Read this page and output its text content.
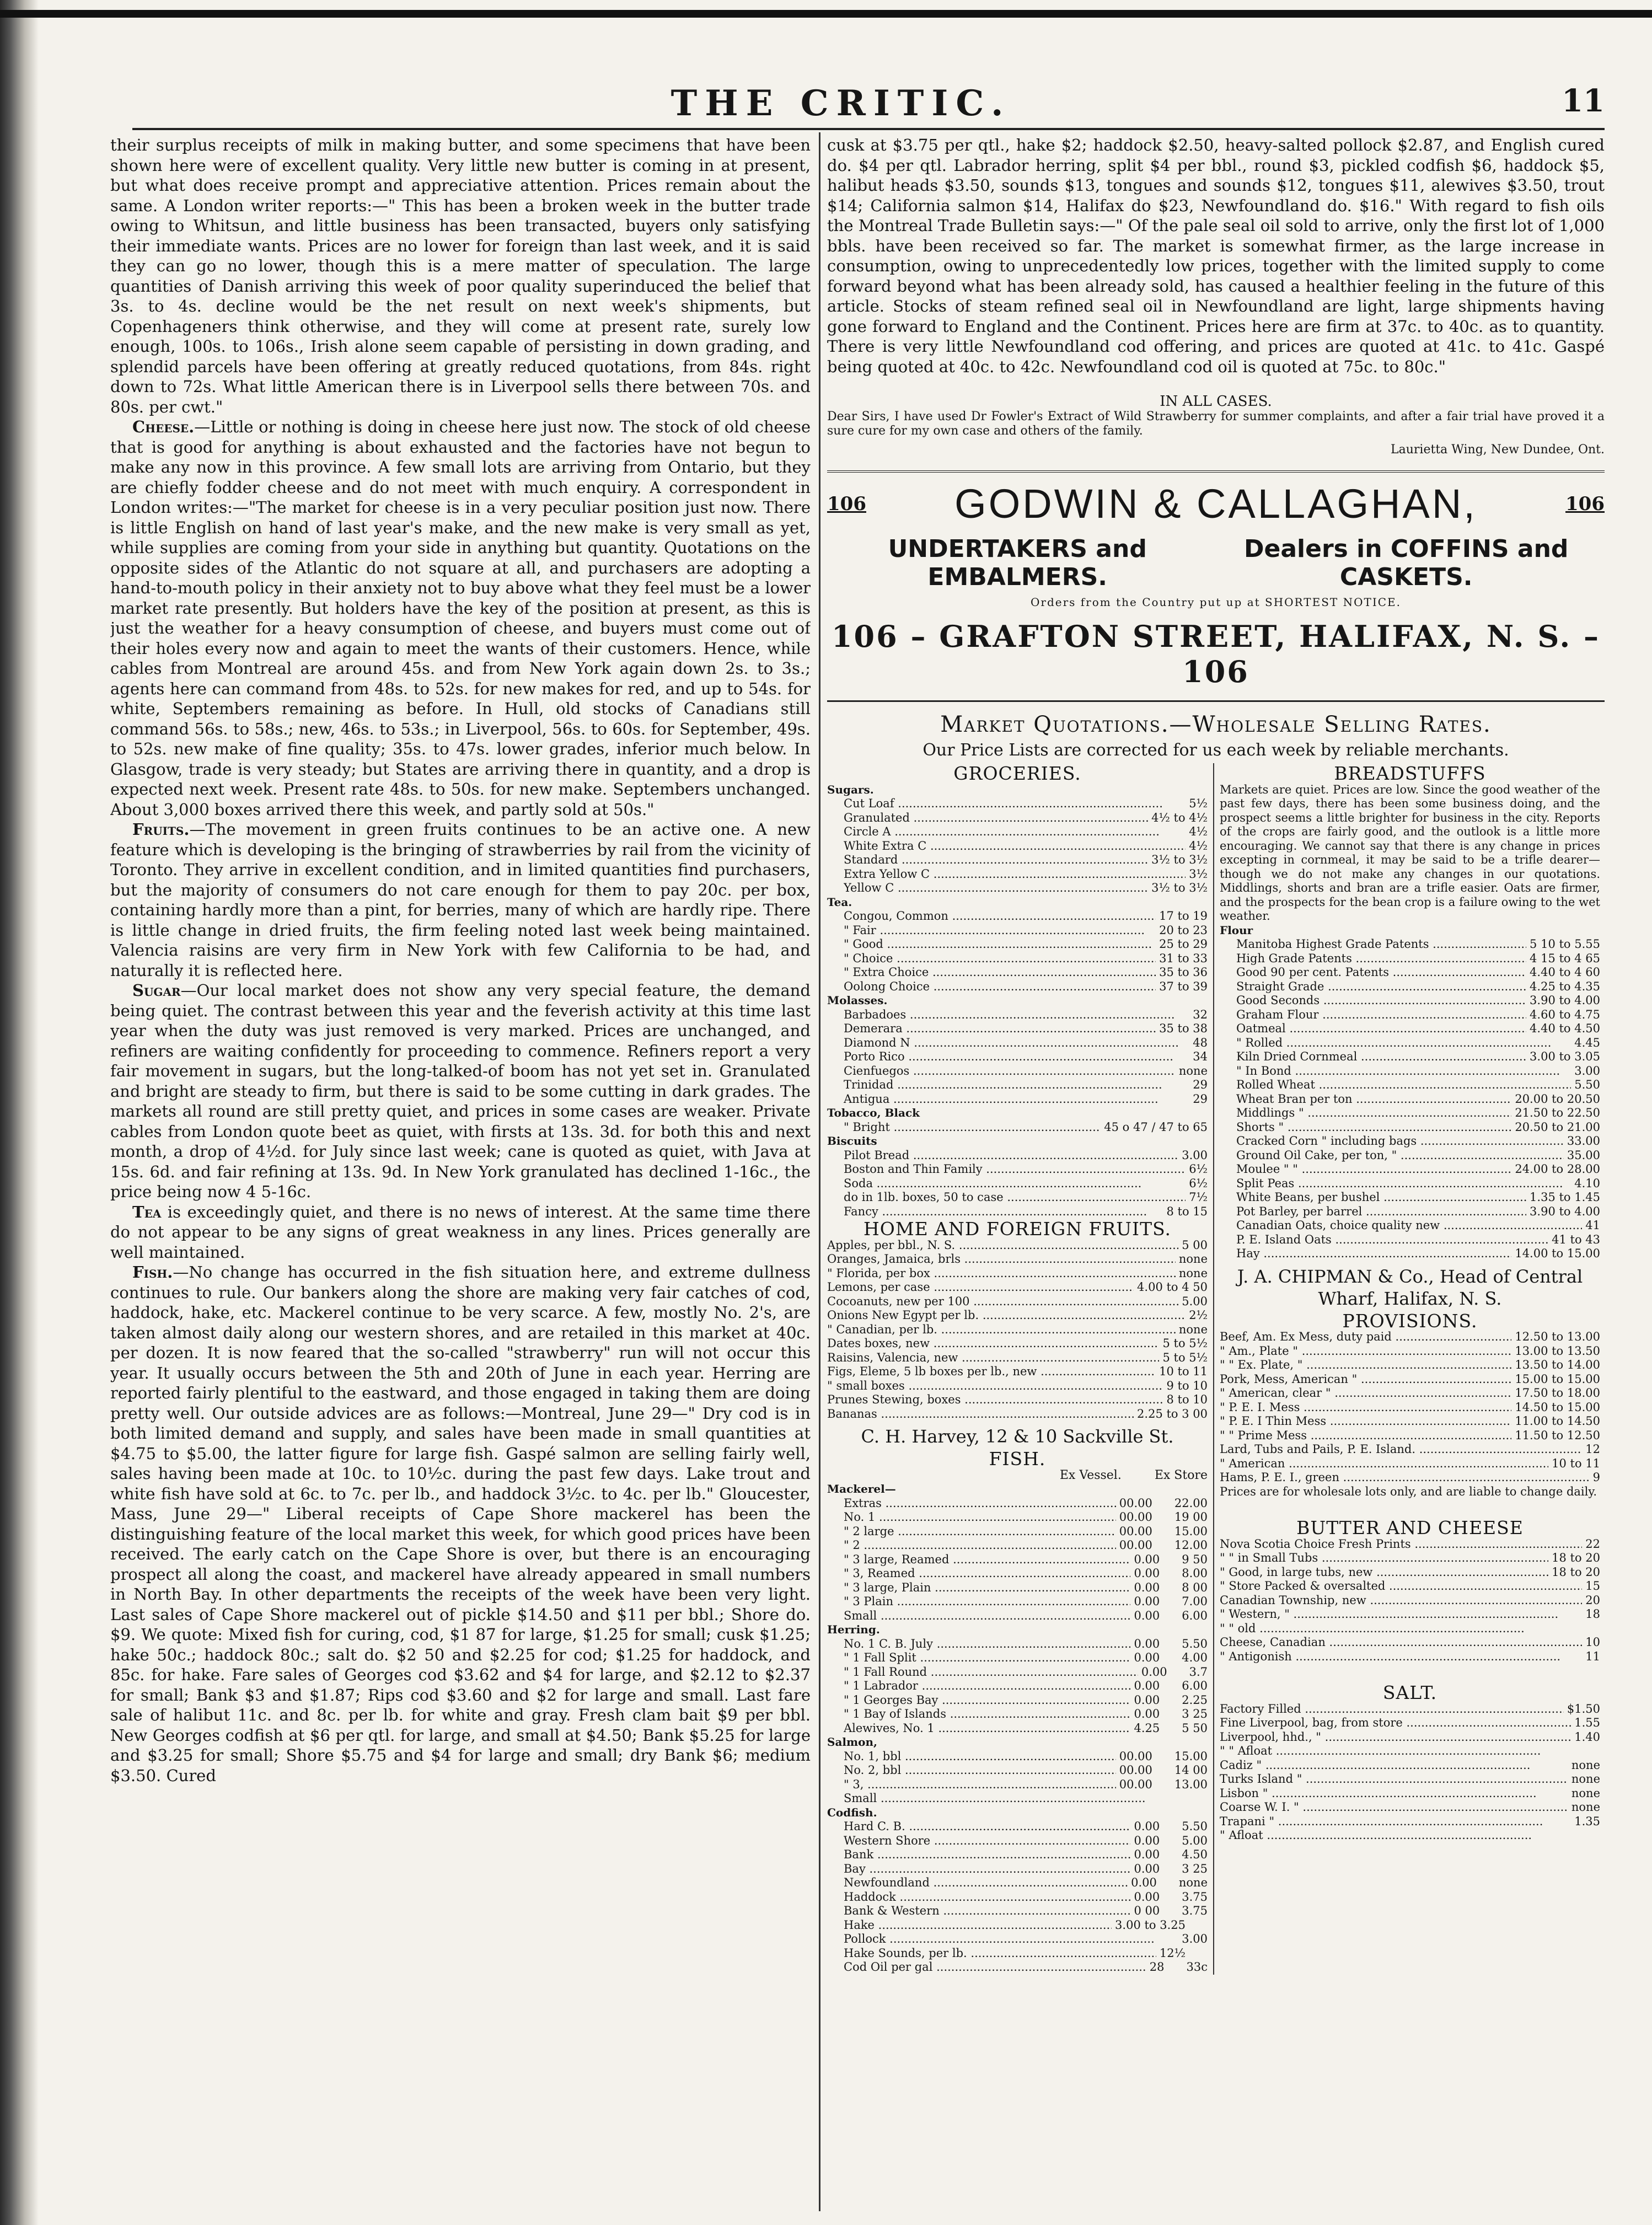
THE CRITIC.	11

their surplus receipts of milk in making butter, and some specimens that have been shown here were of excellent quality. Very little new butter is coming in at present, but what does receive prompt and appreciative attention. Prices remain about the same. A London writer reports:—" This has been a broken week in the butter trade owing to Whitsun, and little business has been transacted, buyers only satisfying their immediate wants. Prices are no lower for foreign than last week, and it is said they can go no lower, though this is a mere matter of speculation. The large quantities of Danish arriving this week of poor quality superinduced the belief that 3s. to 4s. decline would be the net result on next week's shipments, but Copenhageners think otherwise, and they will come at present rate, surely low enough, 100s. to 106s., Irish alone seem capable of persisting in down grading, and splendid parcels have been offering at greatly reduced quotations, from 84s. right down to 72s. What little American there is in Liverpool sells there between 70s. and 80s. per cwt."

Cheese.—Little or nothing is doing in cheese here just now. The stock of old cheese that is good for anything is about exhausted and the factories have not begun to make any now in this province. A few small lots are arriving from Ontario, but they are chiefly fodder cheese and do not meet with much enquiry. A correspondent in London writes:—"The market for cheese is in a very peculiar position just now. There is little English on hand of last year's make, and the new make is very small as yet, while supplies are coming from your side in anything but quantity. Quotations on the opposite sides of the Atlantic do not square at all, and purchasers are adopting a hand-to-mouth policy in their anxiety not to buy above what they feel must be a lower market rate presently. But holders have the key of the position at present, as this is just the weather for a heavy consumption of cheese, and buyers must come out of their holes every now and again to meet the wants of their customers. Hence, while cables from Montreal are around 45s. and from New York again down 2s. to 3s.; agents here can command from 48s. to 52s. for new makes for red, and up to 54s. for white, Septembers remaining as before. In Hull, old stocks of Canadians still command 56s. to 58s.; new, 46s. to 53s.; in Liverpool, 56s. to 60s. for September, 49s. to 52s. new make of fine quality; 35s. to 47s. lower grades, inferior much below. In Glasgow, trade is very steady; but States are arriving there in quantity, and a drop is expected next week. Present rate 48s. to 50s. for new make. Septembers unchanged. About 3,000 boxes arrived there this week, and partly sold at 50s."

Fruits.—The movement in green fruits continues to be an active one. A new feature which is developing is the bringing of strawberries by rail from the vicinity of Toronto. They arrive in excellent condition, and in limited quantities find purchasers, but the majority of consumers do not care enough for them to pay 20c. per box, containing hardly more than a pint, for berries, many of which are hardly ripe. There is little change in dried fruits, the firm feeling noted last week being maintained. Valencia raisins are very firm in New York with few California to be had, and naturally it is reflected here.

Sugar—Our local market does not show any very special feature, the demand being quiet. The contrast between this year and the feverish activity at this time last year when the duty was just removed is very marked. Prices are unchanged, and refiners are waiting confidently for proceeding to commence. Refiners report a very fair movement in sugars, but the long-talked-of boom has not yet set in. Granulated and bright are steady to firm, but there is said to be some cutting in dark grades. The markets all round are still pretty quiet, and prices in some cases are weaker. Private cables from London quote beet as quiet, with firsts at 13s. 3d. for both this and next month, a drop of 4½d. for July since last week; cane is quoted as quiet, with Java at 15s. 6d. and fair refining at 13s. 9d. In New York granulated has declined 1-16c., the price being now 4 5-16c.

Tea is exceedingly quiet, and there is no news of interest. At the same time there do not appear to be any signs of great weakness in any lines. Prices generally are well maintained.

Fish.—No change has occurred in the fish situation here, and extreme dullness continues to rule. Our bankers along the shore are making very fair catches of cod, haddock, hake, etc. Mackerel continue to be very scarce. A few, mostly No. 2's, are taken almost daily along our western shores, and are retailed in this market at 40c. per dozen. It is now feared that the so-called "strawberry" run will not occur this year. It usually occurs between the 5th and 20th of June in each year. Herring are reported fairly plentiful to the eastward, and those engaged in taking them are doing pretty well. Our outside advices are as follows:—Montreal, June 29—" Dry cod is in both limited demand and supply, and sales have been made in small quantities at $4.75 to $5.00, the latter figure for large fish. Gaspé salmon are selling fairly well, sales having been made at 10c. to 10½c. during the past few days. Lake trout and white fish have sold at 6c. to 7c. per lb., and haddock 3½c. to 4c. per lb." Gloucester, Mass, June 29—" Liberal receipts of Cape Shore mackerel has been the distinguishing feature of the local market this week, for which good prices have been received. The early catch on the Cape Shore is over, but there is an encouraging prospect all along the coast, and mackerel have already appeared in small numbers in North Bay. In other departments the receipts of the week have been very light. Last sales of Cape Shore mackerel out of pickle $14.50 and $11 per bbl.; Shore do. $9. We quote: Mixed fish for curing, cod, $1 87 for large, $1.25 for small; cusk $1.25; hake 50c.; haddock 80c.; salt do. $2 50 and $2.25 for cod; $1.25 for haddock, and 85c. for hake. Fare sales of Georges cod $3.62 and $4 for large, and $2.12 to $2.37 for small; Bank $3 and $1.87; Rips cod $3.60 and $2 for large and small. Last fare sale of halibut 11c. and 8c. per lb. for white and gray. Fresh clam bait $9 per bbl. New Georges codfish at $6 per qtl. for large, and small at $4.50; Bank $5.25 for large and $3.25 for small; Shore $5.75 and $4 for large and small; dry Bank $6; medium $3.50. Cured

cusk at $3.75 per qtl., hake $2; haddock $2.50, heavy-salted pollock $2.87, and English cured do. $4 per qtl. Labrador herring, split $4 per bbl., round $3, pickled codfish $6, haddock $5, halibut heads $3.50, sounds $13, tongues and sounds $12, tongues $11, alewives $3.50, trout $14; California salmon $14, Halifax do $23, Newfoundland do. $16." With regard to fish oils the Montreal Trade Bulletin says:—" Of the pale seal oil sold to arrive, only the first lot of 1,000 bbls. have been received so far. The market is somewhat firmer, as the large increase in consumption, owing to unprecedentedly low prices, together with the limited supply to come forward beyond what has been already sold, has caused a healthier feeling in the future of this article. Stocks of steam refined seal oil in Newfoundland are light, large shipments having gone forward to England and the Continent. Prices here are firm at 37c. to 40c. as to quantity. There is very little Newfoundland cod offering, and prices are quoted at 41c. to 41c. Gaspé being quoted at 40c. to 42c. Newfoundland cod oil is quoted at 75c. to 80c."

IN ALL CASES.
Dear Sirs, I have used Dr Fowler's Extract of Wild Strawberry for summer complaints, and after a fair trial have proved it a sure cure for my own case and others of the family.
Laurietta Wing, New Dundee, Ont.
106 GODWIN & CALLAGHAN,	106
UNDERTAKERS and EMBALMERS.
Dealers in COFFINS and CASKETS.
Orders from the Country put up at SHORTEST NOTICE.
106 – GRAFTON STREET, HALIFAX, N. S. – 106
Market Quotations.—Wholesale Selling Rates.
Our Price Lists are corrected for us each week by reliable merchants.
GROCERIES.
Sugars.
Cut Loaf .....	5½
Granulated .....	4½ to 4½
Circle A .....	4½
White Extra C .....	4½
Standard .....	3½ to 3½
Extra Yellow C .....	3½
Yellow C .....	3½ to 3½
Tea.
Congou, Common .....	17 to 19
" Fair .....	20 to 23
" Good .....	25 to 29
" Choice .....	31 to 33
" Extra Choice .....	35 to 36
Oolong Choice .....	37 to 39
Molasses.
Barbadoes .....	32
Demerara .....	35 to 38
Diamond N .....	48
Porto Rico .....	34
Cienfuegos .....	none
Trinidad .....	29
Antigua .....	29
Tobacco, Black
" Bright .....	45 o 47 / 47 to 65
Biscuits
Pilot Bread .....	3.00
Boston and Thin Family .....	6½
Soda .....	6½
do in 1lb. boxes, 50 to case .....	7½
Fancy .....	8 to 15
HOME AND FOREIGN FRUITS.
Apples, per bbl., N. S. .....	5 00
Oranges, Jamaica, brls .....	none
" Florida, per box .....	none
Lemons, per case .....	4.00 to 4 50
Cocoanuts, new per 100 .....	5.00
Onions New Egypt per lb. .....	2½
" Canadian, per lb. .....	none
Dates boxes, new .....	5 to 5½
Raisins, Valencia, new .....	5 to 5½
Figs, Eleme, 5 lb boxes per lb., new .....	10 to 11
" small boxes .....	9 to 10
Prunes Stewing, boxes .....	8 to 10
Bananas .....	2.25 to 3 00
C. H. Harvey, 12 & 10 Sackville St.
FISH.
Ex Vessel.	Ex Store
Mackerel—
Extras .....	00.00 22.00
No. 1 .....	00.00 19 00
" 2 large .....	00.00 15.00
" 2 .....	00.00 12.00
" 3 large, Reamed .....	0.00 9 50
" 3, Reamed .....	0.00 8.00
" 3 large, Plain .....	0.00 8 00
" 3 Plain .....	0.00 7.00
Small .....	0.00 6.00
Herring.
No. 1 C. B. July .....	0.00 5.50
" 1 Fall Split .....	0.00 4.00
" 1 Fall Round .....	0.00 3.7
" 1 Labrador .....	0.00 6.00
" 1 Georges Bay .....	0.00 2.25
" 1 Bay of Islands .....	0.00 3 25
Alewives, No. 1 .....	4.25 5 50
Salmon,
No. 1, bbl .....	00.00 15.00
No. 2, bbl .....	00.00 14 00
" 3, .....	00.00 13.00
Small .....
Codfish.
Hard C. B. .....	0.00 5.50
Western Shore .....	0.00 5.00
Bank .....	0.00 4.50
Bay .....	0.00 3 25
Newfoundland .....	0.00 none
Haddock .....	0.00 3.75
Bank & Western .....	0 00 3.75
Hake .....	3.00 to 3.25
Pollock .....	3.00
Hake Sounds, per lb. .....	12½
Cod Oil per gal .....	28 33c
BREADSTUFFS
Markets are quiet. Prices are low. Since the good weather of the past few days, there has been some business doing, and the prospect seems a little brighter for business in the city. Reports of the crops are fairly good, and the outlook is a little more encouraging. We cannot say that there is any change in prices excepting in cornmeal, it may be said to be a trifle dearer—though we do not make any changes in our quotations. Middlings, shorts and bran are a trifle easier. Oats are firmer, and the prospects for the bean crop is a failure owing to the wet weather.
Flour
Manitoba Highest Grade Patents .....	5 10 to 5.55
High Grade Patents .....	4 15 to 4 65
Good 90 per cent. Patents .....	4.40 to 4 60
Straight Grade .....	4.25 to 4.35
Good Seconds .....	3.90 to 4.00
Graham Flour .....	4.60 to 4.75
Oatmeal .....	4.40 to 4.50
" Rolled .....	4.45
Kiln Dried Cornmeal .....	3.00 to 3.05
" In Bond .....	3.00
Rolled Wheat .....	5.50
Wheat Bran per ton .....	20.00 to 20.50
Middlings " .....	21.50 to 22.50
Shorts " .....	20.50 to 21.00
Cracked Corn " including bags .....	33.00
Ground Oil Cake, per ton, " .....	35.00
Moulee " " .....	24.00 to 28.00
Split Peas .....	4.10
White Beans, per bushel .....	1.35 to 1.45
Pot Barley, per barrel .....	3.90 to 4.00
Canadian Oats, choice quality new .....	41
P. E. Island Oats .....	41 to 43
Hay .....	14.00 to 15.00
J. A. CHIPMAN & Co., Head of Central Wharf, Halifax, N. S.
PROVISIONS.
Beef, Am. Ex Mess, duty paid .....	12.50 to 13.00
" Am., Plate " .....	13.00 to 13.50
" " Ex. Plate, " .....	13.50 to 14.00
Pork, Mess, American " .....	15.00 to 15.00
" American, clear " .....	17.50 to 18.00
" P. E. I. Mess .....	14.50 to 15.00
" P. E. I Thin Mess .....	11.00 to 14.50
" " Prime Mess .....	11.50 to 12.50
Lard, Tubs and Pails, P. E. Island. .....	12
" American .....	10 to 11
Hams, P. E. I., green .....	9
Prices are for wholesale lots only, and are liable to change daily.
BUTTER AND CHEESE
Nova Scotia Choice Fresh Prints .....	22
" " in Small Tubs .....	18 to 20
" Good, in large tubs, new .....	18 to 20
" Store Packed & oversalted .....	15
Canadian Township, new .....	20
" Western, " .....	18
" " old .....
Cheese, Canadian .....	10
" Antigonish .....	11
SALT.
Factory Filled .....	$1.50
Fine Liverpool, bag, from store .....	1.55
Liverpool, hhd., " .....	1.40
" " Afloat .....
Cadiz " .....	none
Turks Island " .....	none
Lisbon " .....	none
Coarse W. I. " .....	none
Trapani " .....	1.35
" Afloat .....
